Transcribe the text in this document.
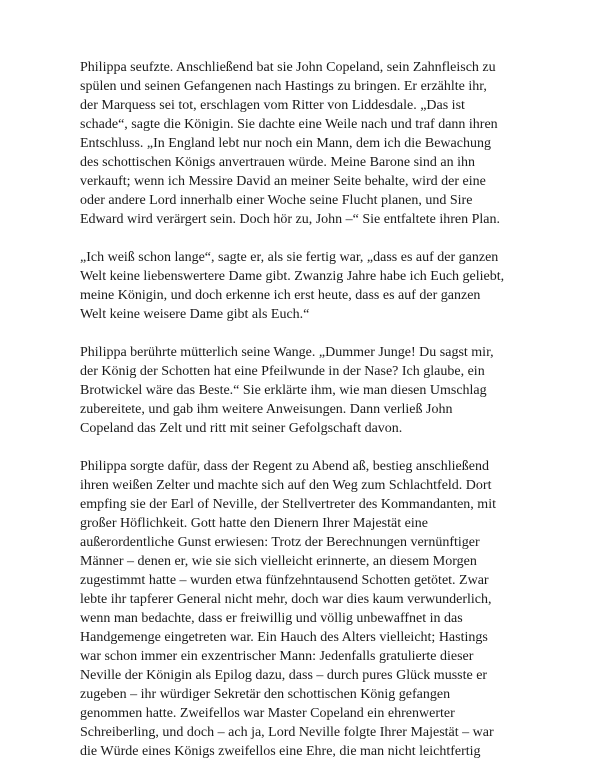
Philippa seufzte. Anschließend bat sie John Copeland, sein Zahnfleisch zu
spülen und seinen Gefangenen nach Hastings zu bringen. Er erzählte ihr,
der Marquess sei tot, erschlagen vom Ritter von Liddesdale. „Das ist
schade“, sagte die Königin. Sie dachte eine Weile nach und traf dann ihren
Entschluss. „In England lebt nur noch ein Mann, dem ich die Bewachung
des schottischen Königs anvertrauen würde. Meine Barone sind an ihn
verkauft; wenn ich Messire David an meiner Seite behalte, wird der eine
oder andere Lord innerhalb einer Woche seine Flucht planen, und Sire
Edward wird verärgert sein. Doch hör zu, John –“ Sie entfaltete ihren Plan.
„Ich weiß schon lange“, sagte er, als sie fertig war, „dass es auf der ganzen
Welt keine liebenswertere Dame gibt. Zwanzig Jahre habe ich Euch geliebt,
meine Königin, und doch erkenne ich erst heute, dass es auf der ganzen
Welt keine weisere Dame gibt als Euch.“
Philippa berührte mütterlich seine Wange. „Dummer Junge! Du sagst mir,
der König der Schotten hat eine Pfeilwunde in der Nase? Ich glaube, ein
Brotwickel wäre das Beste.“ Sie erklärte ihm, wie man diesen Umschlag
zubereitete, und gab ihm weitere Anweisungen. Dann verließ John
Copeland das Zelt und ritt mit seiner Gefolgschaft davon.
Philippa sorgte dafür, dass der Regent zu Abend aß, bestieg anschließend
ihren weißen Zelter und machte sich auf den Weg zum Schlachtfeld. Dort
empfing sie der Earl of Neville, der Stellvertreter des Kommandanten, mit
großer Höflichkeit. Gott hatte den Dienern Ihrer Majestät eine
außerordentliche Gunst erwiesen: Trotz der Berechnungen vernünftiger
Männer – denen er, wie sie sich vielleicht erinnerte, an diesem Morgen
zugestimmt hatte – wurden etwa fünfzehntausend Schotten getötet. Zwar
lebte ihr tapferer General nicht mehr, doch war dies kaum verwunderlich,
wenn man bedachte, dass er freiwillig und völlig unbewaffnet in das
Handgemenge eingetreten war. Ein Hauch des Alters vielleicht; Hastings
war schon immer ein exzentrischer Mann: Jedenfalls gratulierte dieser
Neville der Königin als Epilog dazu, dass – durch pures Glück musste er
zugeben – ihr würdiger Sekretär den schottischen König gefangen
genommen hatte. Zweifellos war Master Copeland ein ehrenwerter
Schreiberling, und doch – ach ja, Lord Neville folgte Ihrer Majestät – war
die Würde eines Königs zweifellos eine Ehre, die man nicht leichtfertig
